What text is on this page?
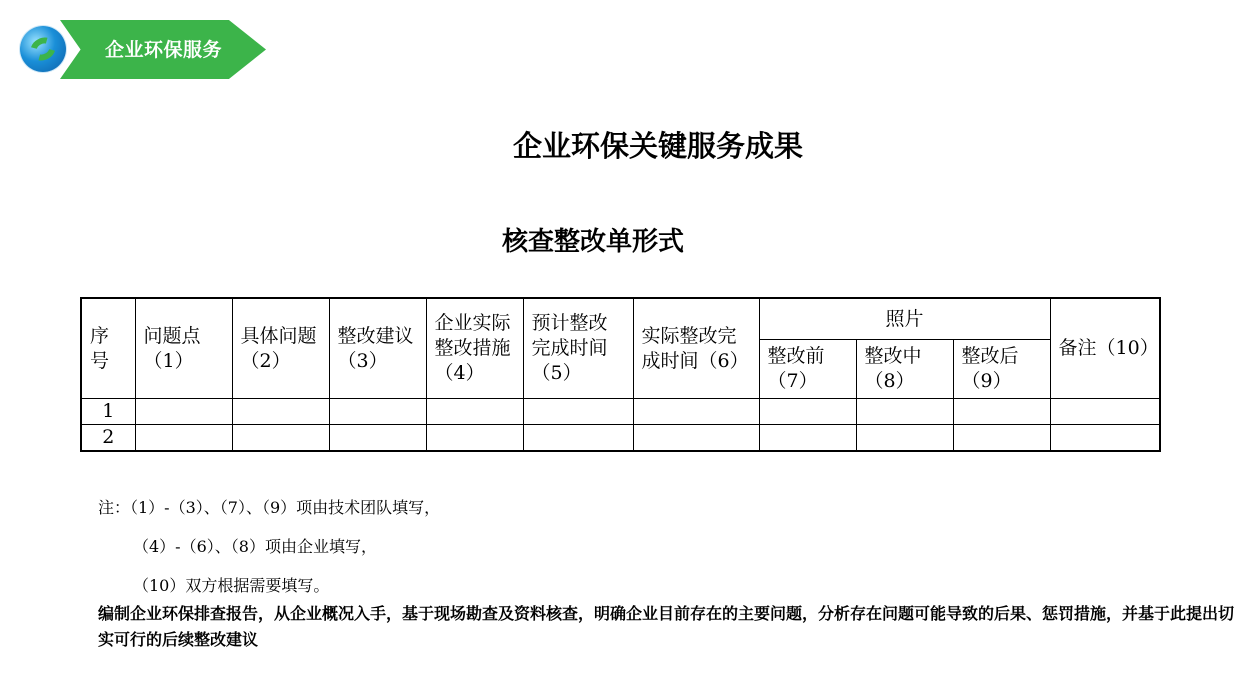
企业环保服务
企业环保关键服务成果
核查整改单形式
序号	问题点（1）	具体问题（2）	整改建议（3）	企业实际整改措施（4）	预计整改完成时间（5）	实际整改完成时间（6）	照片			备注（10）
							整改前（7）	整改中（8）	整改后（9）	
1										
2										
注：（1）-（3）、（7）、（9）项由技术团队填写，
（4）-（6）、（8）项由企业填写，
（10）双方根据需要填写。
编制企业环保排查报告，从企业概况入手，基于现场勘查及资料核查，明确企业目前存在的主要问题，分析存在问题可能导致的后果、惩罚措施，并基于此提出切实可行的后续整改建议
